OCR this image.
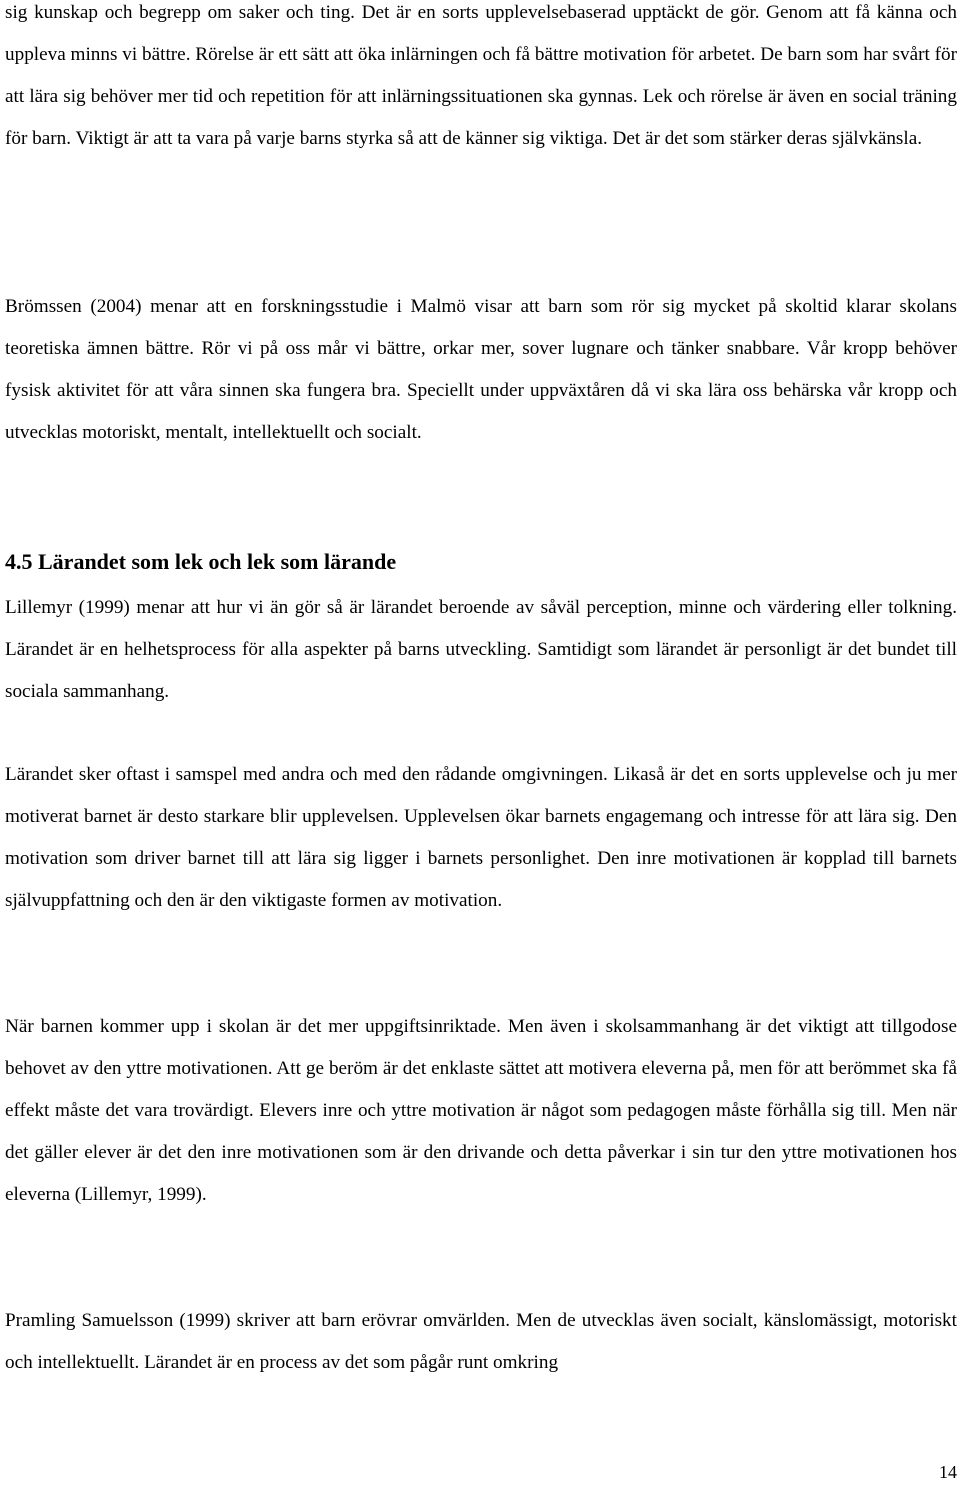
sig kunskap och begrepp om saker och ting. Det är en sorts upplevelsebaserad upptäckt de gör. Genom att få känna och uppleva minns vi bättre. Rörelse är ett sätt att öka inlärningen och få bättre motivation för arbetet. De barn som har svårt för att lära sig behöver mer tid och repetition för att inlärningssituationen ska gynnas. Lek och rörelse är även en social träning för barn. Viktigt är att ta vara på varje barns styrka så att de känner sig viktiga. Det är det som stärker deras självkänsla.

Brömssen (2004) menar att en forskningsstudie i Malmö visar att barn som rör sig mycket på skoltid klarar skolans teoretiska ämnen bättre. Rör vi på oss mår vi bättre, orkar mer, sover lugnare och tänker snabbare. Vår kropp behöver fysisk aktivitet för att våra sinnen ska fungera bra. Speciellt under uppväxtåren då vi ska lära oss behärska vår kropp och utvecklas motoriskt, mentalt, intellektuellt och socialt.

4.5 Lärandet som lek och lek som lärande

Lillemyr (1999) menar att hur vi än gör så är lärandet beroende av såväl perception, minne och värdering eller tolkning. Lärandet är en helhetsprocess för alla aspekter på barns utveckling. Samtidigt som lärandet är personligt är det bundet till sociala sammanhang.

Lärandet sker oftast i samspel med andra och med den rådande omgivningen. Likaså är det en sorts upplevelse och ju mer motiverat barnet är desto starkare blir upplevelsen. Upplevelsen ökar barnets engagemang och intresse för att lära sig. Den motivation som driver barnet till att lära sig ligger i barnets personlighet. Den inre motivationen är kopplad till barnets självuppfattning och den är den viktigaste formen av motivation.

När barnen kommer upp i skolan är det mer uppgiftsinriktade. Men även i skolsammanhang är det viktigt att tillgodose behovet av den yttre motivationen. Att ge beröm är det enklaste sättet att motivera eleverna på, men för att berömmet ska få effekt måste det vara trovärdigt. Elevers inre och yttre motivation är något som pedagogen måste förhålla sig till. Men när det gäller elever är det den inre motivationen som är den drivande och detta påverkar i sin tur den yttre motivationen hos eleverna (Lillemyr, 1999).

Pramling Samuelsson (1999) skriver att barn erövrar omvärlden. Men de utvecklas även socialt, känslomässigt, motoriskt och intellektuellt. Lärandet är en process av det som pågår runt omkring

14
